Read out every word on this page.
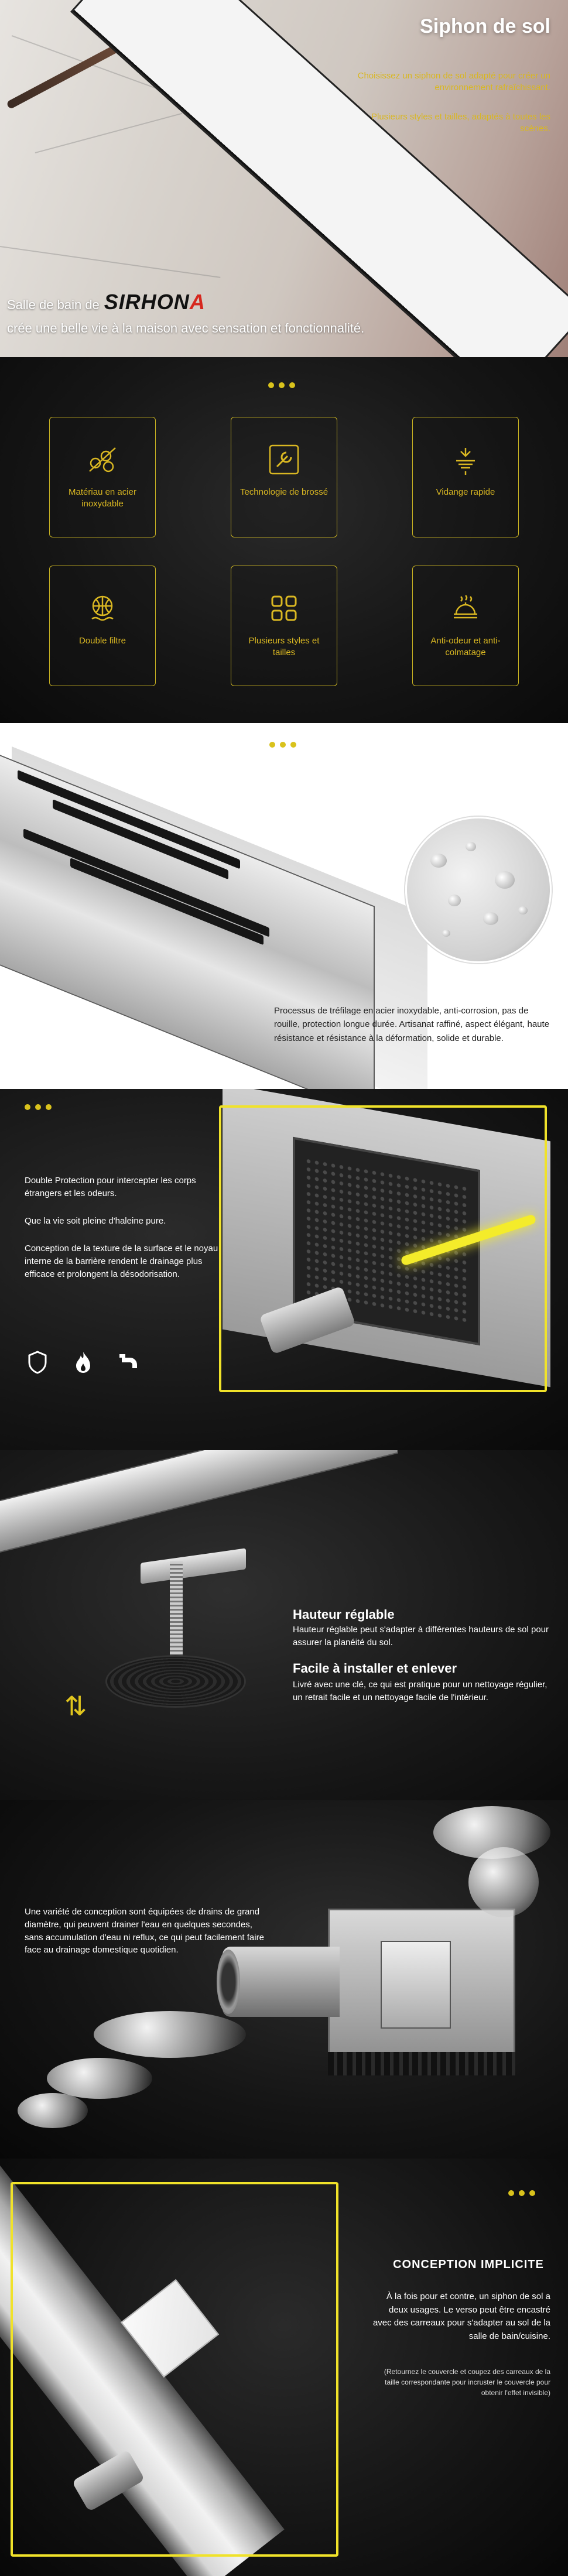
Siphon de sol
Choisissez un siphon de sol adapté pour créer un environnement rafraîchissant.
Plusieurs styles et tailles, adaptés à toutes les scènes.
Salle de bain de SIRHONA
crée une belle vie à la maison avec sensation et fonctionnalité.
Matériau en acier inoxydable
Technologie de brossé	Vidange rapide
Double filtre	Plusieurs styles et tailles
Anti-odeur et anti-colmatage
Processus de tréfilage en acier inoxydable, anti-corrosion, pas de rouille, protection longue durée. Artisanat raffiné, aspect élégant, haute résistance et résistance à la déformation, solide et durable.
Double Protection pour intercepter les corps étrangers et les odeurs.
Que la vie soit pleine d'haleine pure.
Conception de la texture de la surface et le noyau interne de la barrière rendent le drainage plus efficace et prolongent la désodorisation.
⇅
Hauteur réglable
Hauteur réglable peut s'adapter à différentes hauteurs de sol pour assurer la planéité du sol.
Facile à installer et enlever
Livré avec une clé, ce qui est pratique pour un nettoyage régulier, un retrait facile et un nettoyage facile de l'intérieur.
Une variété de conception sont équipées de drains de grand diamètre, qui peuvent drainer l'eau en quelques secondes, sans accumulation d'eau ni reflux, ce qui peut facilement faire face au drainage domestique quotidien.
CONCEPTION IMPLICITE
À la fois pour et contre, un siphon de sol a deux usages. Le verso peut être encastré avec des carreaux pour s'adapter au sol de la salle de bain/cuisine.
(Retournez le couvercle et coupez des carreaux de la taille correspondante pour incruster le couvercle pour obtenir l'effet invisible)
